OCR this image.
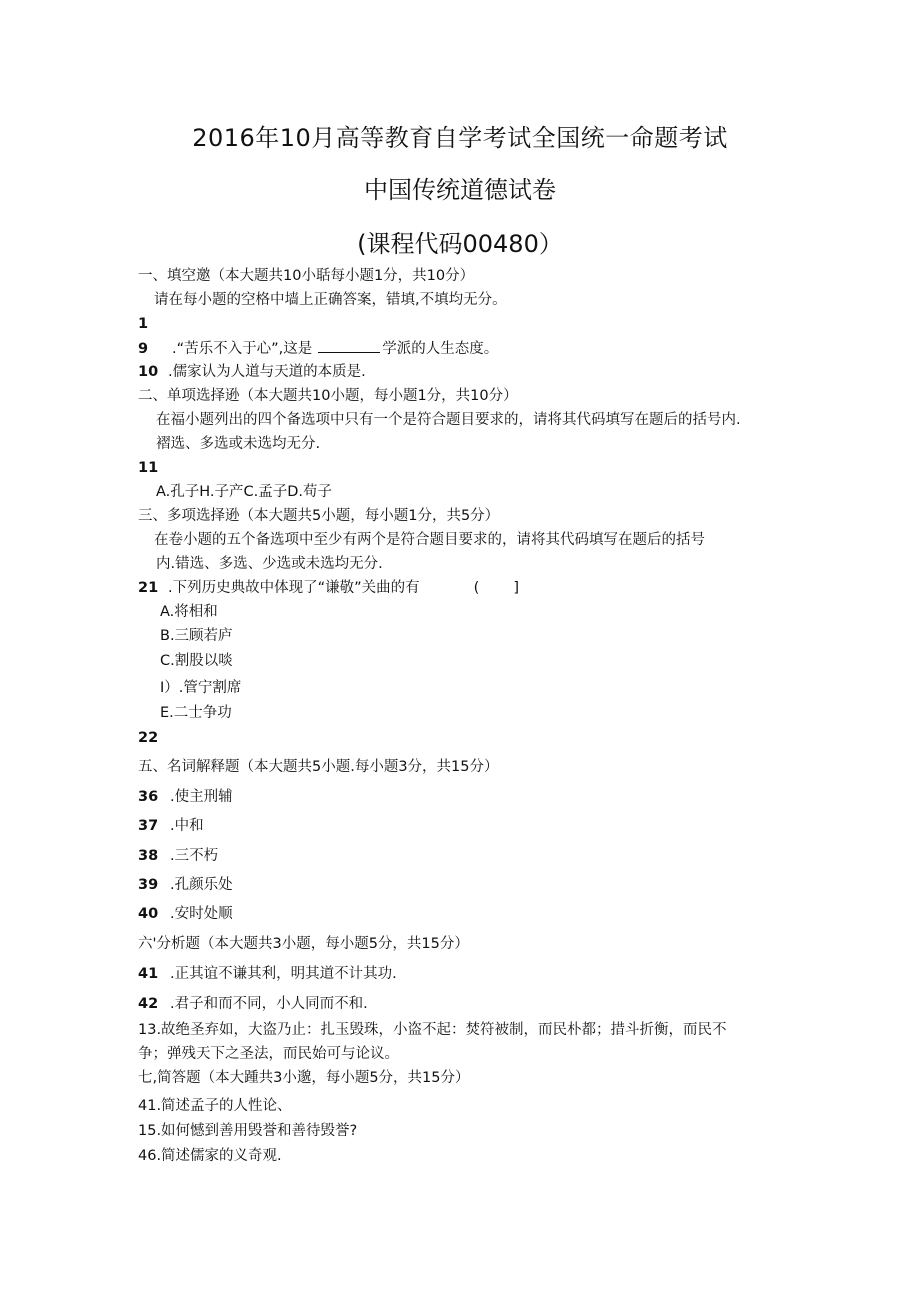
2016年10月高等教育自学考试全国统一命题考试
中国传统道德试卷
(课程代码00480）
一、填空邀（本大题共10小聒每小题1分，共10分）
请在每小题的空格中墙上正确答案，错填,不填均无分。
1
9 .“苦乐不入于心”,这是	学派的人生态度。
10 .儒家认为人道与天道的本质是.
二、单项选择逊（本大题共10小题，每小题1分，共10分）
在福小题列出的四个备选项中只有一个是符合题目要求的，请将其代码填写在题后的括号内.
褶选、多选或未选均无分.
11
A.孔子H.子产C.孟子D.苟子
三、多项选择逊（本大题共5小题，每小题1分，共5分）
在卷小题的五个备选项中至少有两个是符合题目要求的，请将其代码填写在题后的括号
内.错选、多选、少选或未选均无分.
21 .下列历史典故中体现了“谦敬”关曲的有	( ]
A.将相和
B.三顾若庐
C.割股以啖
I）.管宁割席
E.二士争功
22
五、名词解释题（本大题共5小题.每小题3分，共15分）
36 .使主刑辅
37 .中和
38 .三不朽
39 .孔颜乐处
40 .安时处顺
六'分析题（本大题共3小题，每小题5分，共15分）
41 .正其谊不谦其利，明其道不计其功.
42 .君子和而不同，小人同而不和.
13.故绝圣弃如，大盗乃止：扎玉毁珠，小盗不起：焚符被制，而民朴都；措斗折衡，而民不
争；弹残天下之圣法，而民始可与论议。
七,简答题（本大踵共3小邈，每小题5分，共15分）
41.简述孟子的人性论、
15.如何憾到善用毁誉和善待毁誉?
46.简述儒家的义奇观.
